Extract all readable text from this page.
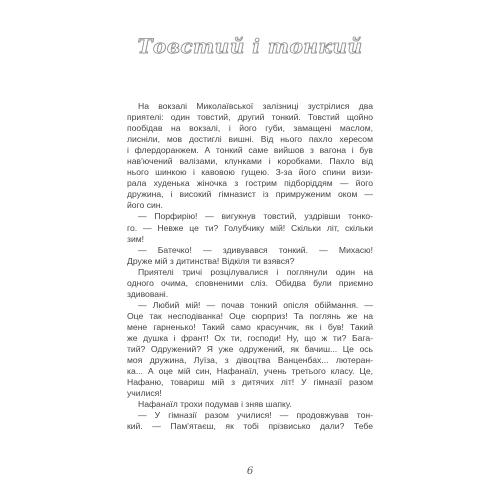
Товстий і тонкий

На вокзалі Миколаївської залізниці зустрілися два
приятелі: один товстий, другий тонкий. Товстий щойно
пообідав на вокзалі, і його губи, замащені маслом,
лисніли, мов достиглі вишні. Від нього пахло хересом
і флердоранжем. А тонкий саме вийшов з вагона і був
нав'ючений валізами, клунками і коробками. Пахло від
нього шинкою і кавовою гущею. З-за його спини визи-
рала худенька жіночка з гострим підборіддям — його
дружина, і високий гімназист із примруженим оком —
його син.

— Порфирію! — вигукнув товстий, уздрівши тонко-
го. — Невже це ти? Голубчику мій! Скільки літ, скільки
зим!

— Батечко! — здивувався тонкий. — Михасю!
Друже мій з дитинства! Відкіля ти взявся?

Приятелі тричі розцілувалися і поглянули один на
одного очима, сповненими сліз. Обидва були приємно
здивовані.

— Любий мій! — почав тонкий опісля обіймання. —
Оце так несподіванка! Оце сюрприз! Та поглянь же на
мене гарненько! Такий само красунчик, як і був! Такий
же душка і франт! Ох ти, господи! Ну, що ж ти? Бага-
тий? Одружений? Я уже одружений, як бачиш... Це ось
моя дружина, Луїза, з дівоцтва Ванценбах... лютеран-
ка... А оце мій син, Нафанаїл, учень третього класу. Це,
Нафаню, товариш мій з дитячих літ! У гімназії разом
училися!

Нафанаїл трохи подумав і зняв шапку.

— У гімназії разом училися! — продовжував тон-
кий. — Пам'ятаєш, як тобі прізвисько дали? Тебе

6
